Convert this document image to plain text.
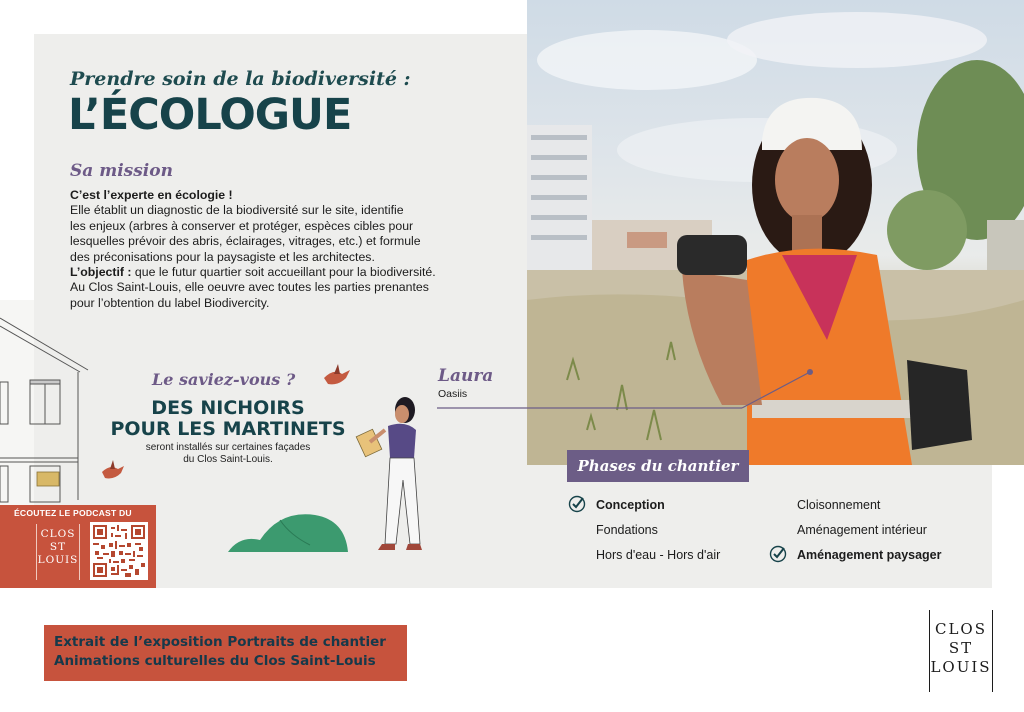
Prendre soin de la biodiversité :
L’ÉCOLOGUE
Sa mission

C’est l’experte en écologie !

Elle établit un diagnostic de la biodiversité sur le site, identifie

les enjeux (arbres à conserver et protéger, espèces cibles pour

lesquelles prévoir des abris, éclairages, vitrages, etc.) et formule

des préconisations pour la paysagiste et les architectes.

L’objectif : que le futur quartier soit accueillant pour la biodiversité.

Au Clos Saint-Louis, elle oeuvre avec toutes les parties prenantes

pour l’obtention du label Biodivercity.

Le saviez-vous ?
DES NICHOIRS
POUR LES MARTINETS
seront installés sur certaines façades
du Clos Saint-Louis.
Laura
Oasiis
ÉCOUTEZ LE PODCAST DU
CLOS
ST
LOUIS
Phases du chantier
Conception
Fondations
Hors d'eau - Hors d'air
Cloisonnement
Aménagement intérieur
Aménagement paysager
Extrait de l’exposition Portraits de chantier
Animations culturelles du Clos Saint-Louis
CLOS
ST
LOUIS
